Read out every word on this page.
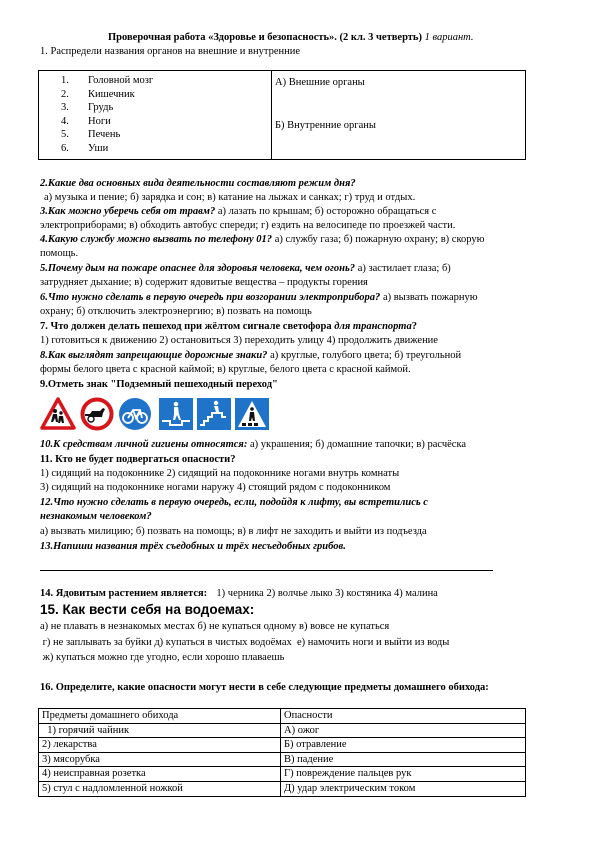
Проверочная работа «Здоровье и безопасность». (2 кл. 3 четверть) 1 вариант.
1. Распредели названия органов на внешние и внутренние
1. Головной мозг
2. Кишечник
3. Грудь
4. Ноги
5. Печень
6. Уши

А) Внешние органы
Б) Внутренние органы
2.Какие два основных вида деятельности составляют режим дня?
а) музыка и пение; б) зарядка и сон; в) катание на лыжах и санках; г) труд и отдых.
3.Как можно уберечь себя от травм? а) лазать по крышам; б) осторожно обращаться с
электроприборами; в) обходить автобус спереди; г) ездить на велосипеде по проезжей части.
4.Какую службу можно вызвать по телефону 01? а) службу газа; б) пожарную охрану; в) скорую
помощь.
5.Почему дым на пожаре опаснее для здоровья человека, чем огонь? а) застилает глаза; б)
затрудняет дыхание; в) содержит ядовитые вещества – продукты горения
6.Что нужно сделать в первую очередь при возгорании электроприбора? а) вызвать пожарную
охрану; б) отключить электроэнергию; в) позвать на помощь
7. Что должен делать пешеход при жёлтом сигнале светофора для транспорта?
1) готовиться к движению 2) остановиться 3) переходить улицу 4) продолжить движение
8.Как выглядят запрещающие дорожные знаки? а) круглые, голубого цвета; б) треугольной
формы белого цвета с красной каймой; в) круглые, белого цвета с красной каймой.
9.Отметь знак "Подземный пешеходный переход"
10.К средствам личной гигиены относятся: а) украшения; б) домашние тапочки; в) расчёска
11. Кто не будет подвергаться опасности?
1) сидящий на подоконнике 2) сидящий на подоконнике ногами внутрь комнаты
3) сидящий на подоконнике ногами наружу 4) стоящий рядом с подоконником
12.Что нужно сделать в первую очередь, если, подойдя к лифту, вы встретились с
незнакомым человеком?
а) вызвать милицию; б) позвать на помощь; в) в лифт не заходить и выйти из подъезда
13.Напиши названия трёх съедобных и трёх несъедобных грибов.
14. Ядовитым растением является: 1) черника 2) волчье лыко 3) костяника 4) малина
15. Как вести себя на водоемах:
а) не плавать в незнакомых местах б) не купаться одному в) вовсе не купаться
г) не заплывать за буйки д) купаться в чистых водоёмах  е) намочить ноги и выйти из воды
ж) купаться можно где угодно, если хорошо плаваешь
16. Определите, какие опасности могут нести в себе следующие предметы домашнего обихода:
Предметы домашнего обихода	Опасности
1) горячий чайник	А) ожог
2) лекарства	Б) отравление
3) мясорубка	В) падение
4) неисправная розетка	Г) повреждение пальцев рук
5) стул с надломленной ножкой	Д) удар электрическим током
